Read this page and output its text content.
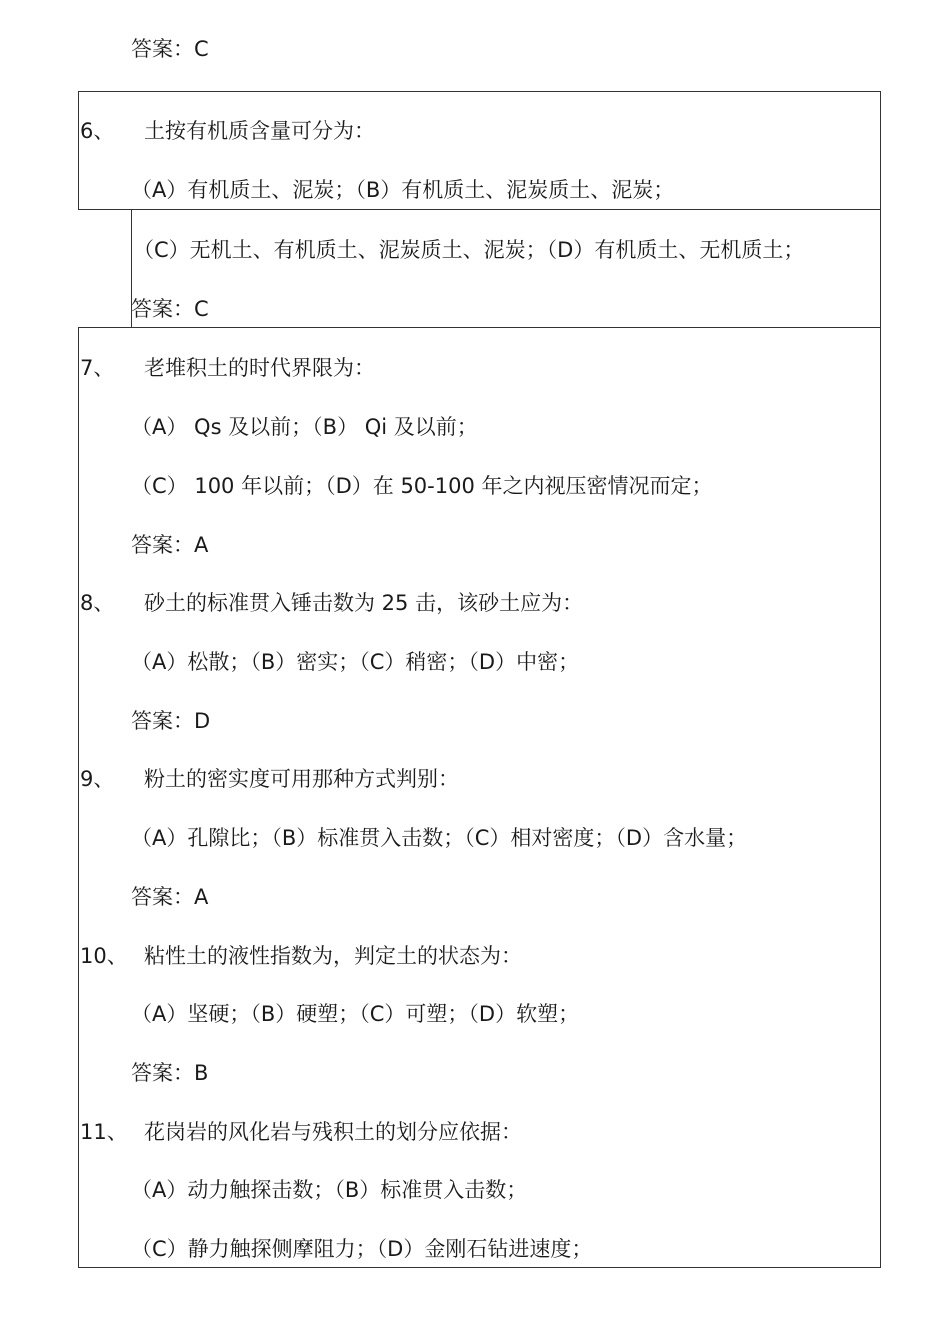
答案：C
6、 土按有机质含量可分为：
（A）有机质土、泥炭；（B）有机质土、泥炭质土、泥炭；
（C）无机土、有机质土、泥炭质土、泥炭；（D）有机质土、无机质土；
答案：C
7、 老堆积土的时代界限为：
（A） Qs 及以前；（B） Qi 及以前；
（C） 100 年以前；（D）在 50-100 年之内视压密情况而定；
答案：A
8、 砂土的标准贯入锤击数为 25 击，该砂土应为：
（A）松散；（B）密实；（C）稍密；（D）中密；
答案：D
9、 粉土的密实度可用那种方式判别：
（A）孔隙比；（B）标准贯入击数；（C）相对密度；（D）含水量；
答案：A
10、 粘性土的液性指数为，判定土的状态为：
（A）坚硬；（B）硬塑；（C）可塑；（D）软塑；
答案：B
11、 花岗岩的风化岩与残积土的划分应依据：
（A）动力触探击数；（B）标准贯入击数；
（C）静力触探侧摩阻力；（D）金刚石钻进速度；
